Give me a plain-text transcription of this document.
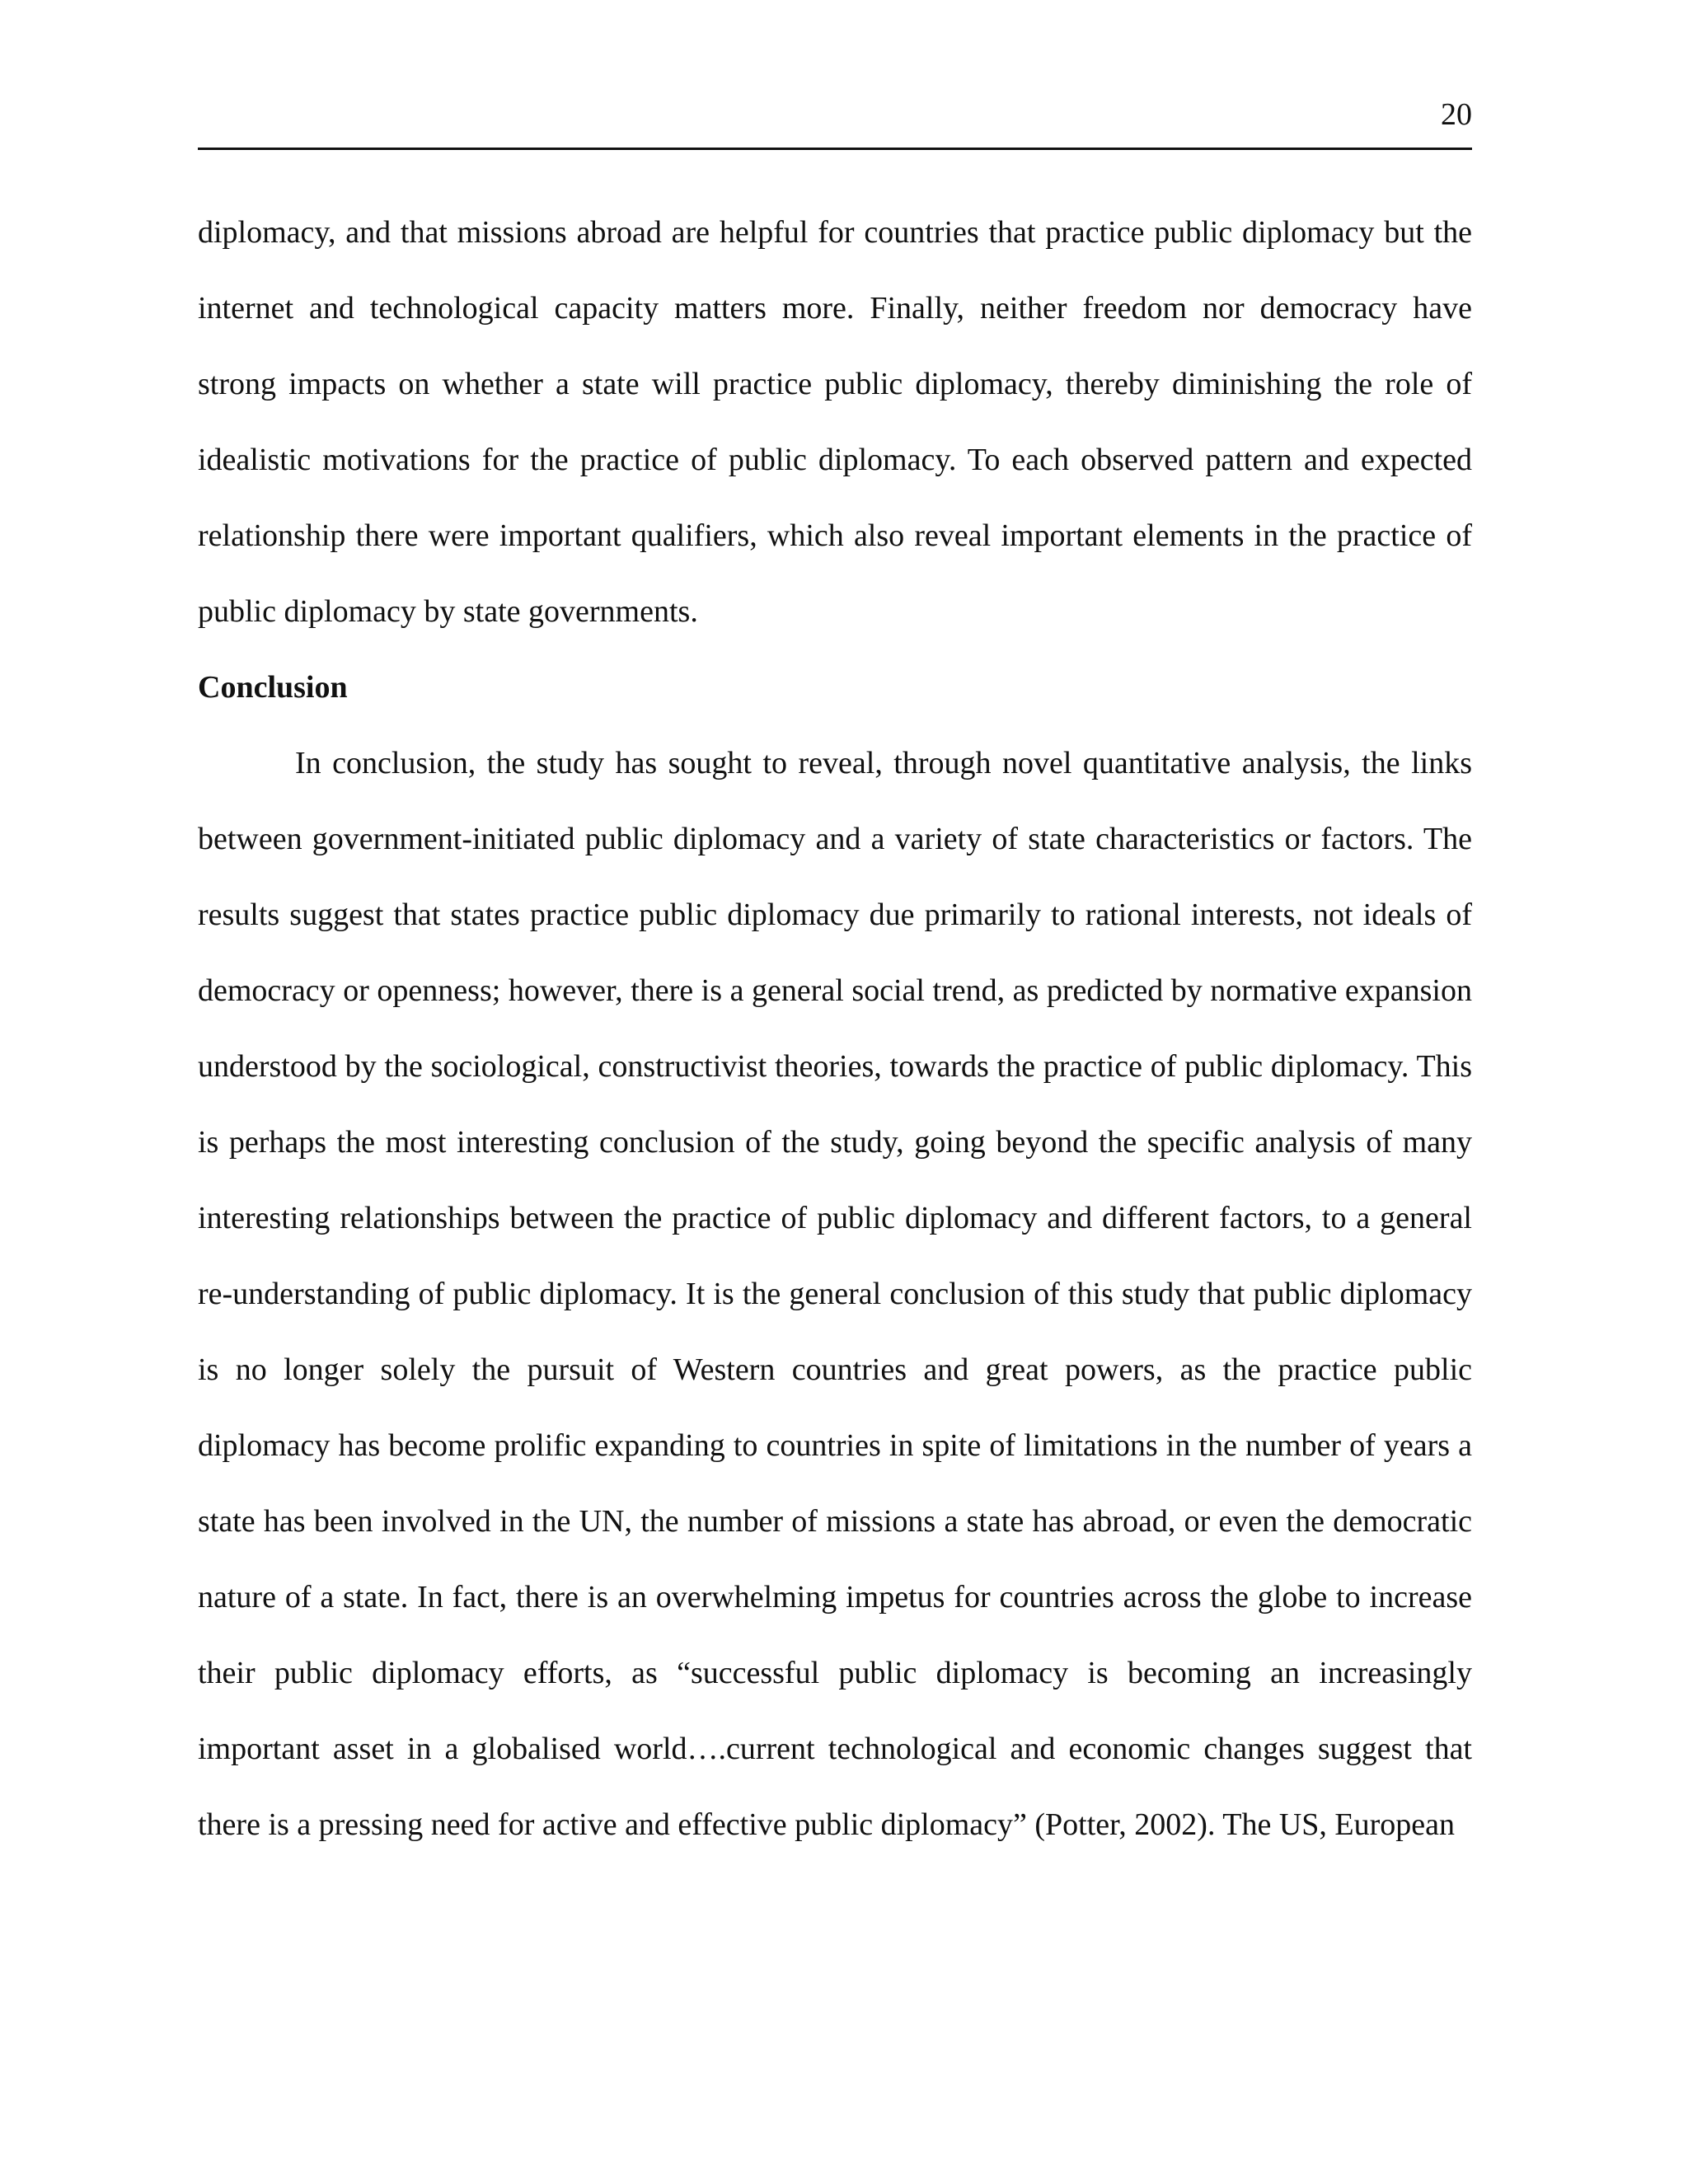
20

diplomacy, and that missions abroad are helpful for countries that practice public diplomacy but the internet and technological capacity matters more. Finally, neither freedom nor democracy have strong impacts on whether a state will practice public diplomacy, thereby diminishing the role of idealistic motivations for the practice of public diplomacy. To each observed pattern and expected relationship there were important qualifiers, which also reveal important elements in the practice of public diplomacy by state governments.

Conclusion

In conclusion, the study has sought to reveal, through novel quantitative analysis, the links between government-initiated public diplomacy and a variety of state characteristics or factors. The results suggest that states practice public diplomacy due primarily to rational interests, not ideals of democracy or openness; however, there is a general social trend, as predicted by normative expansion understood by the sociological, constructivist theories, towards the practice of public diplomacy. This is perhaps the most interesting conclusion of the study, going beyond the specific analysis of many interesting relationships between the practice of public diplomacy and different factors, to a general re-understanding of public diplomacy. It is the general conclusion of this study that public diplomacy is no longer solely the pursuit of Western countries and great powers, as the practice public diplomacy has become prolific expanding to countries in spite of limitations in the number of years a state has been involved in the UN, the number of missions a state has abroad, or even the democratic nature of a state. In fact, there is an overwhelming impetus for countries across the globe to increase their public diplomacy efforts, as “successful public diplomacy is becoming an increasingly important asset in a globalised world….current technological and economic changes suggest that there is a pressing need for active and effective public diplomacy” (Potter, 2002). The US, European
